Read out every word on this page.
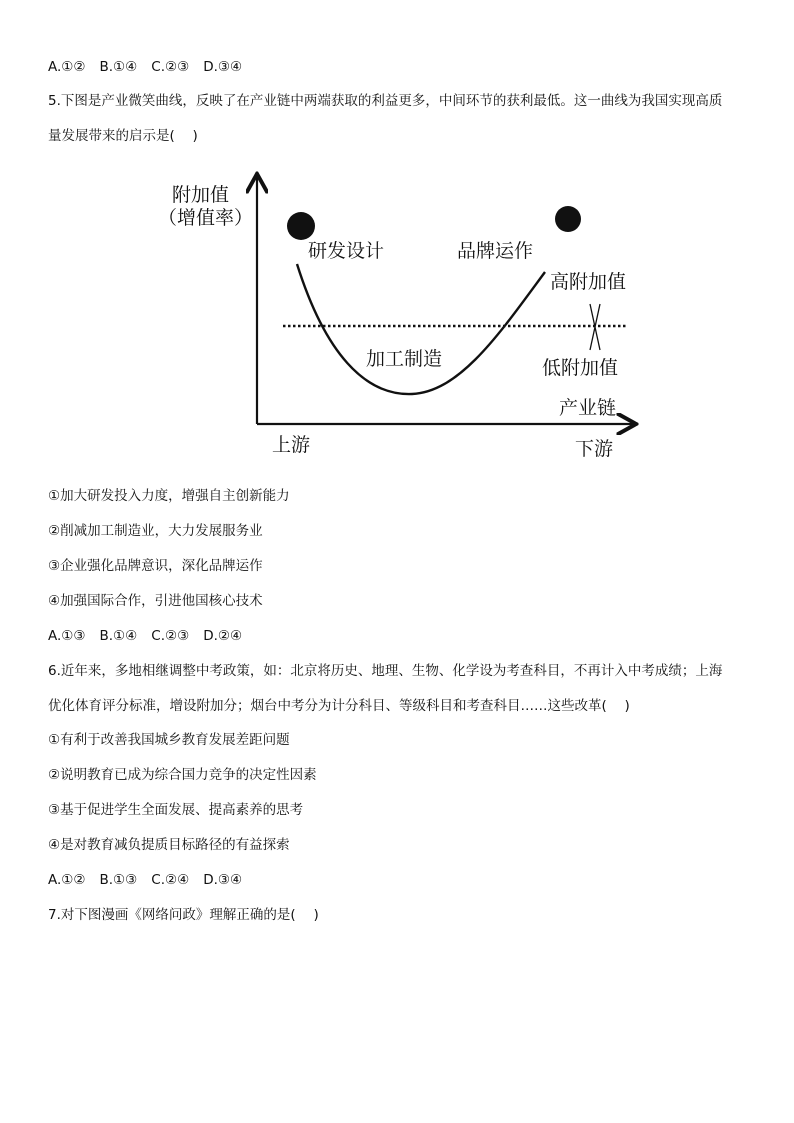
A.①② B.①④ C.②③ D.③④
5.下图是产业微笑曲线，反映了在产业链中两端获取的利益更多，中间环节的获利最低。这一曲线为我国实现高质
量发展带来的启示是(　 )
附加值
（增值率）
研发设计	品牌运作
高附加值
加工制造	低附加值
产业链
上游	下游
①加大研发投入力度，增强自主创新能力
②削减加工制造业，大力发展服务业
③企业强化品牌意识，深化品牌运作
④加强国际合作，引进他国核心技术
A.①③ B.①④ C.②③ D.②④
6.近年来，多地相继调整中考政策，如：北京将历史、地理、生物、化学设为考查科目，不再计入中考成绩；上海
优化体育评分标准，增设附加分；烟台中考分为计分科目、等级科目和考查科目……这些改革(　 )
①有利于改善我国城乡教育发展差距问题
②说明教育已成为综合国力竞争的决定性因素
③基于促进学生全面发展、提高素养的思考
④是对教育减负提质目标路径的有益探索
A.①② B.①③ C.②④ D.③④
7.对下图漫画《网络问政》理解正确的是(　 )
